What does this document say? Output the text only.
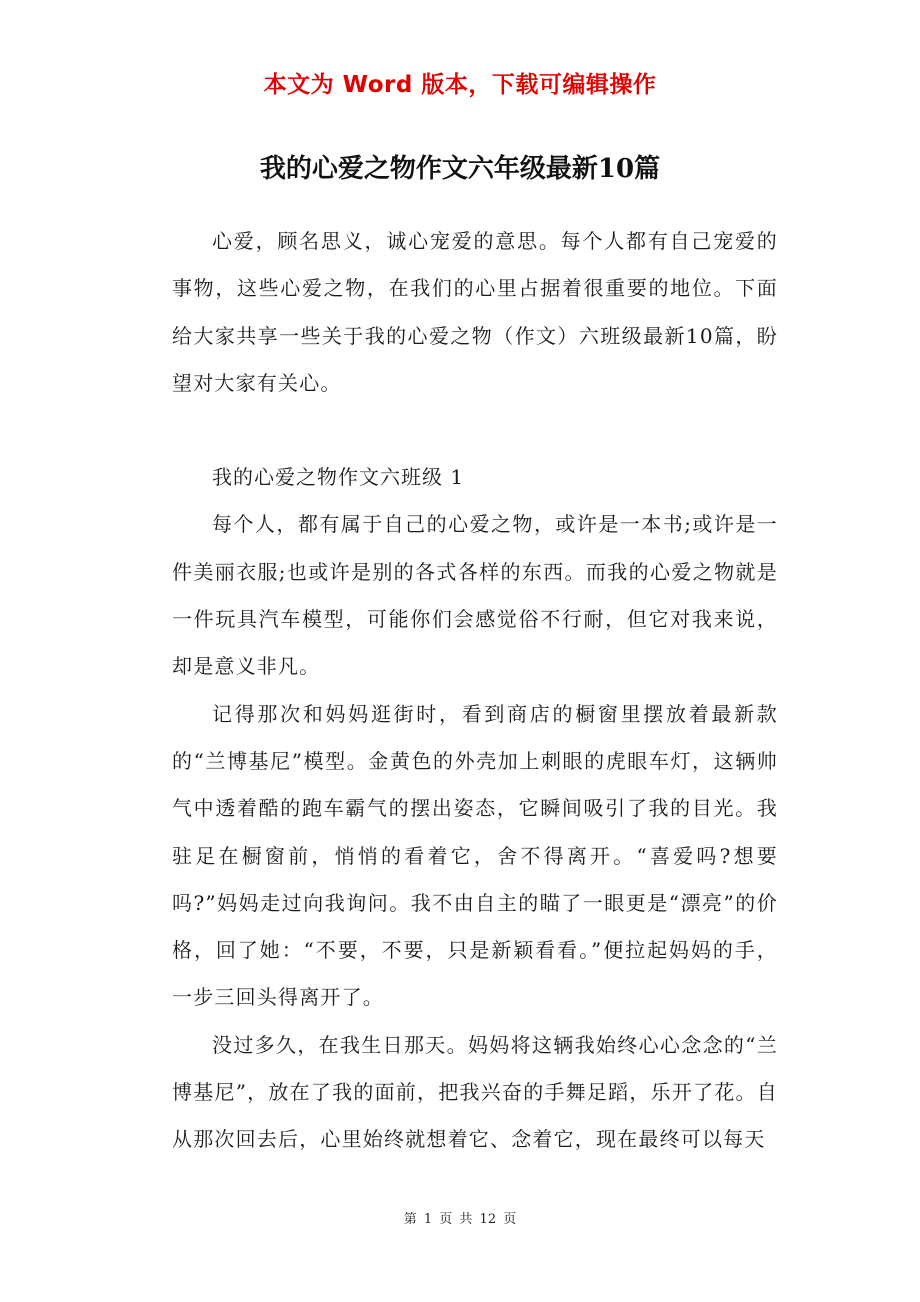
本文为 Word 版本，下载可编辑操作
我的心爱之物作文六年级最新10篇

心爱，顾名思义，诚心宠爱的意思。每个人都有自己宠爱的事物，这些心爱之物，在我们的心里占据着很重要的地位。下面给大家共享一些关于我的心爱之物（作文）六班级最新10篇，盼望对大家有关心。

我的心爱之物作文六班级 1

每个人，都有属于自己的心爱之物，或许是一本书;或许是一件美丽衣服;也或许是别的各式各样的东西。而我的心爱之物就是一件玩具汽车模型，可能你们会感觉俗不行耐，但它对我来说，却是意义非凡。

记得那次和妈妈逛街时，看到商店的橱窗里摆放着最新款的“兰博基尼”模型。金黄色的外壳加上刺眼的虎眼车灯，这辆帅气中透着酷的跑车霸气的摆出姿态，它瞬间吸引了我的目光。我驻足在橱窗前，悄悄的看着它，舍不得离开。“喜爱吗?想要吗?”妈妈走过向我询问。我不由自主的瞄了一眼更是“漂亮”的价格，回了她：“不要，不要，只是新颖看看。”便拉起妈妈的手，一步三回头得离开了。

没过多久，在我生日那天。妈妈将这辆我始终心心念念的“兰博基尼”，放在了我的面前，把我兴奋的手舞足蹈，乐开了花。自从那次回去后，心里始终就想着它、念着它，现在最终可以每天

第 1 页 共 12 页
